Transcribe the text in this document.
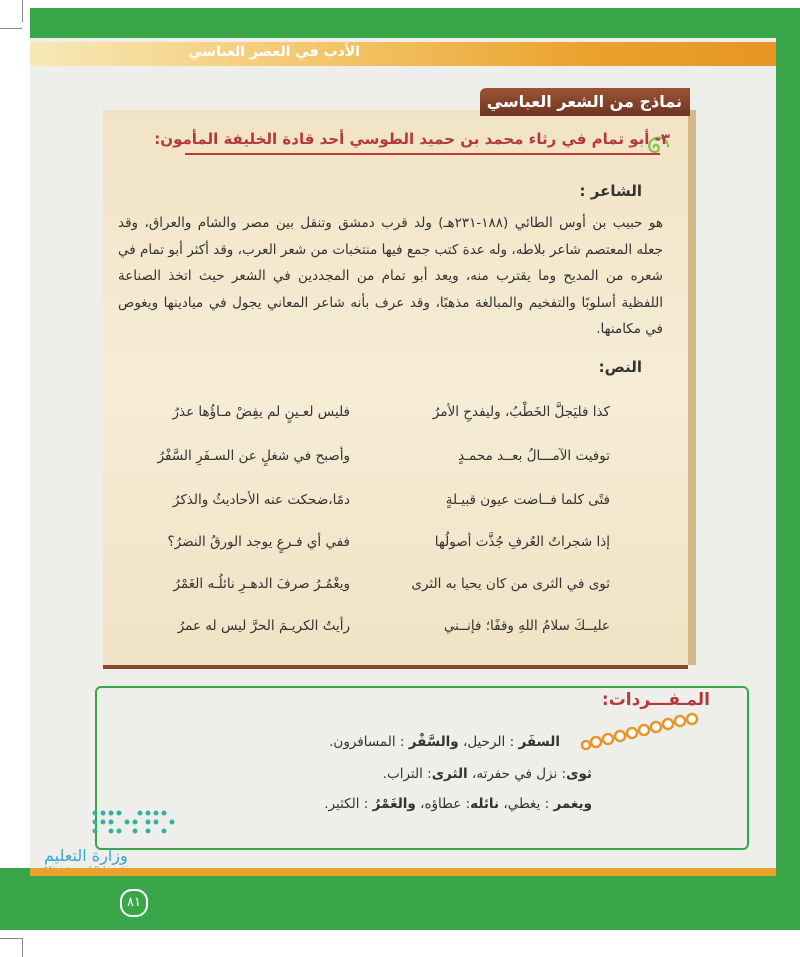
الأدب في العصر العباسي
نماذج من الشعر العباسي
٣- أبو تمام في رثاء محمد بن حميد الطوسي أحد قادة الخليفة المأمون:
الشاعر :
هو حبيب بن أوس الطائي (١٨٨-٢٣١هـ) ولد قرب دمشق وتنقل بين مصر والشام والعراق، وقد جعله المعتصم شاعر بلاطه، وله عدة كتب جمع فيها منتخبات من شعر العرب، وقد أكثر أبو تمام في شعره من المديح وما يقترب منه، ويعد أبو تمام من المجددين في الشعر حيث اتخذ الصناعة اللفظية أسلوبًا والتفخيم والمبالغة مذهبًا، وقد عرف بأنه شاعر المعاني يجول في ميادينها ويغوص في مكامنها.
النص:
كذا فليَجلَّ الخَطْبُ، وليفدحِ الأمرُ
فليس لعـينٍ لم يفِضْ مـاؤُها عذرُ
توفيت الآمـــالُ بعــد محمـدٍ
وأصبح في شغلٍ عن السـفَرِ السَّفْرُ
فتًى كلما فــاضت عيون قبيـلةٍ
دمًا،ضحكت عنه الأحاديثُ والذكرُ
إذا شجراتُ العُرفِ جُذَّت أصولُها
ففي أي فـرعٍ يوجد الورقُ النضرُ؟
ثوى في الثرى من كان يحيا به الثرى
ويغْمُـرُ صرفَ الدهـرِ نائلُـه الغَمْرُ
عليــكَ سلامُ اللهِ وقفًا؛ فإنــني
رأيتُ الكريـمَ الحرَّ ليس له عمرُ
المـفـــردات:
السفَر : الرحيل، والسَّفْر : المسافرون.
ثوى: نزل في حفرته، الثرى: التراب.
ويغمر : يغطي، نائله: عطاؤه، والغَمْرُ : الكثير.
وزارة التعليم
٨١
